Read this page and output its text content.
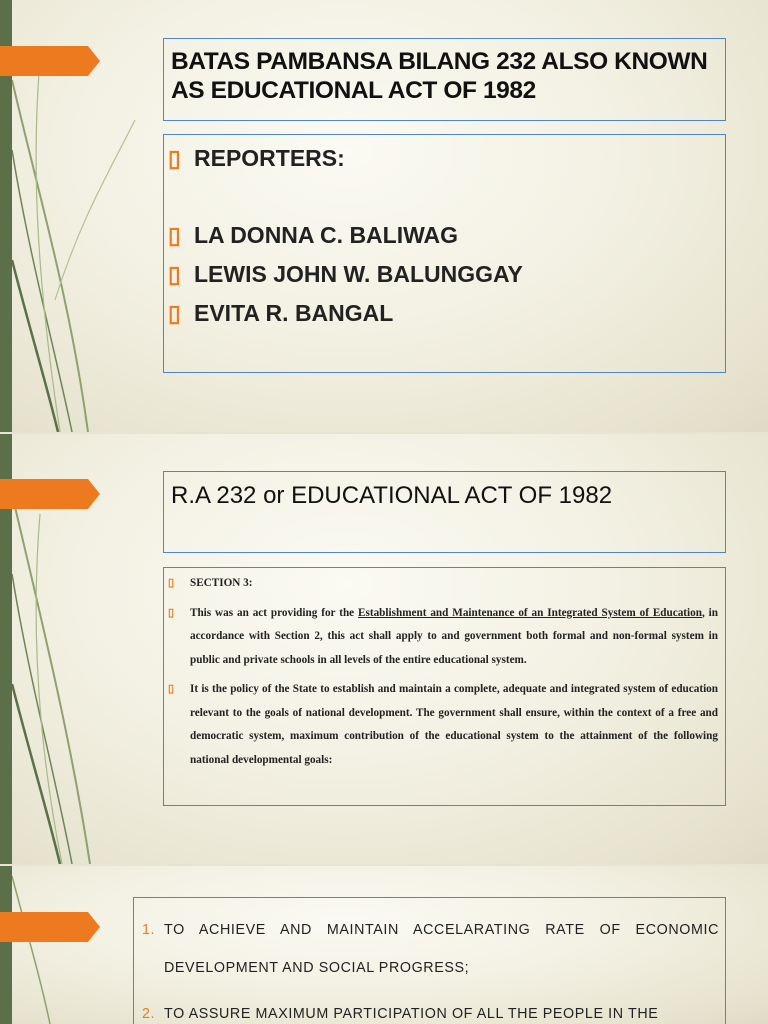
BATAS PAMBANSA BILANG 232 ALSO KNOWN AS EDUCATIONAL ACT OF 1982
▯ REPORTERS:
▯ LA DONNA C. BALIWAG
▯ LEWIS JOHN W. BALUNGGAY
▯ EVITA R. BANGAL
R.A 232 or EDUCATIONAL ACT OF 1982
▯ SECTION 3:
▯ This was an act providing for the Establishment and Maintenance of an Integrated System of Education, in accordance with Section 2, this act shall apply to and government both formal and non-formal system in public and private schools in all levels of the entire educational system.
▯ It is the policy of the State to establish and maintain a complete, adequate and integrated system of education relevant to the goals of national development. The government shall ensure, within the context of a free and democratic system, maximum contribution of the educational system to the attainment of the following national developmental goals:
1. TO ACHIEVE AND MAINTAIN ACCELARATING RATE OF ECONOMIC DEVELOPMENT AND SOCIAL PROGRESS;
2. TO ASSURE MAXIMUM PARTICIPATION OF ALL THE PEOPLE IN THE
